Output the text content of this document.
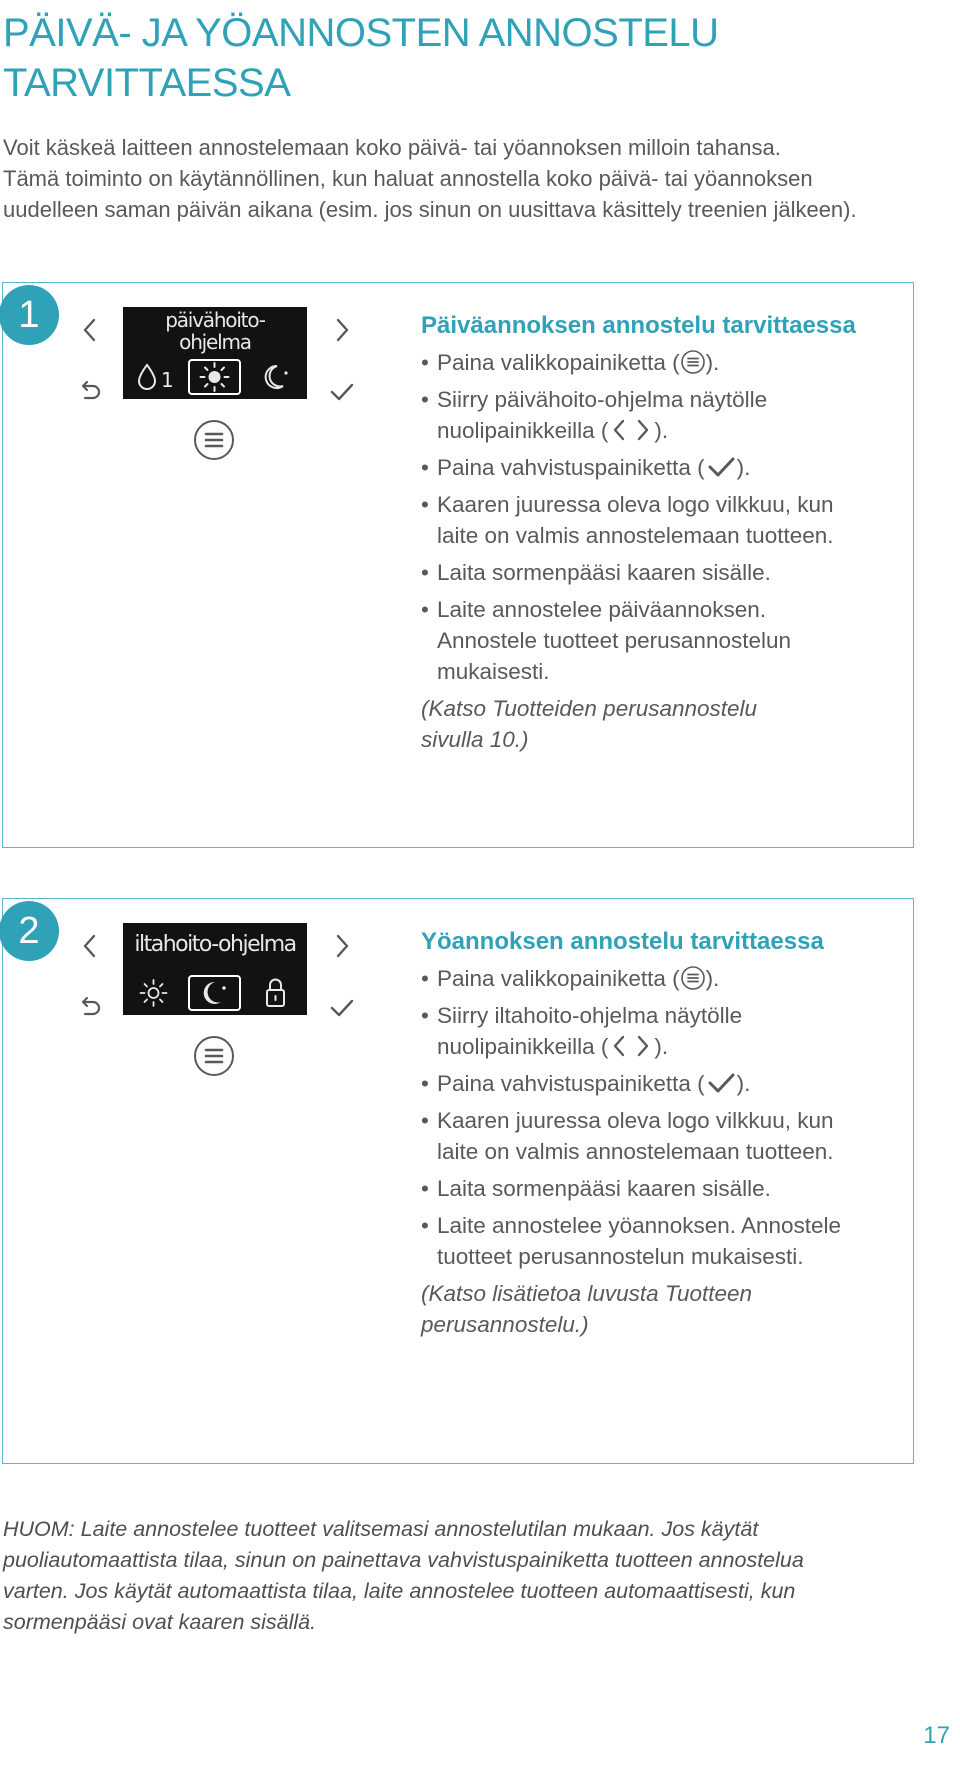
PÄIVÄ- JA YÖANNOSTEN ANNOSTELU
TARVITTAESSA

Voit käskeä laitteen annostelemaan koko päivä- tai yöannoksen milloin tahansa.
Tämä toiminto on käytännöllinen, kun haluat annostella koko päivä- tai yöannoksen
uudelleen saman päivän aikana (esim. jos sinun on uusittava käsittely treenien jälkeen).

1	päivähoito-
ohjelma
1
Päiväannoksen annostelu tarvittaessa
• Paina valikkopainiketta ( ).
• Siirry päivähoito-ohjelma näytölle
nuolipainikkeilla ( ).
• Paina vahvistuspainiketta ( ).
• Kaaren juuressa oleva logo vilkkuu, kun
laite on valmis annostelemaan tuotteen.
• Laita sormenpääsi kaaren sisälle.
• Laite annostelee päiväannoksen.
Annostele tuotteet perusannostelun
mukaisesti.

(Katso Tuotteiden perusannostelu
sivulla 10.)

2	iltahoito-ohjelma	Yöannoksen annostelu tarvittaessa
• Paina valikkopainiketta ( ).
• Siirry iltahoito-ohjelma näytölle
nuolipainikkeilla ( ).
• Paina vahvistuspainiketta ( ).
• Kaaren juuressa oleva logo vilkkuu, kun
laite on valmis annostelemaan tuotteen.
• Laita sormenpääsi kaaren sisälle.
• Laite annostelee yöannoksen. Annostele
tuotteet perusannostelun mukaisesti.

(Katso lisätietoa luvusta Tuotteen
perusannostelu.)

HUOM: Laite annostelee tuotteet valitsemasi annostelutilan mukaan. Jos käytät
puoliautomaattista tilaa, sinun on painettava vahvistuspainiketta tuotteen annostelua
varten. Jos käytät automaattista tilaa, laite annostelee tuotteen automaattisesti, kun
sormenpääsi ovat kaaren sisällä.

17
